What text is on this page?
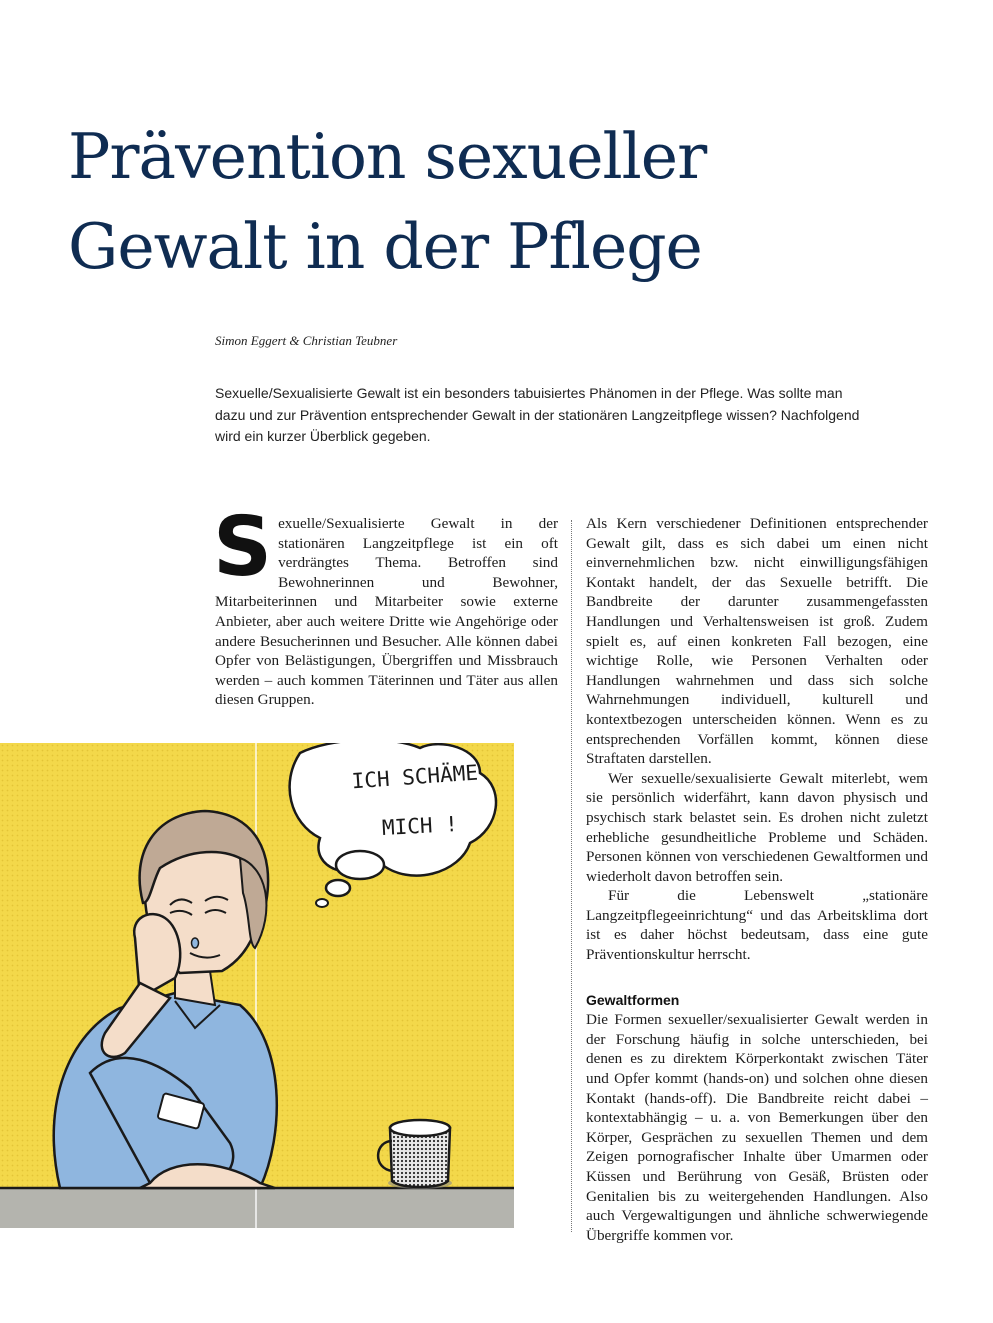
Prävention sexueller
Gewalt in der Pflege
Simon Eggert & Christian Teubner

Sexuelle/Sexualisierte Gewalt ist ein besonders tabuisiertes Phänomen in der Pflege. Was sollte man
dazu und zur Prävention entsprechender Gewalt in der stationären Langzeitpflege wissen? Nachfolgend
wird ein kurzer Überblick gegeben.

S exuelle/Sexualisierte Gewalt in der stationären Langzeitpflege ist ein oft verdrängtes Thema. Betroffen sind Bewohnerinnen und Bewohner, Mitarbeiterinnen und Mitarbeiter sowie externe Anbieter, aber auch weitere Dritte wie Angehörige oder andere Besucherinnen und Besucher. Alle können dabei Opfer von Belästigungen, Übergriffen und Missbrauch werden – auch kommen Täterinnen und Täter aus allen diesen Gruppen.

Als Kern verschiedener Definitionen entsprechender Gewalt gilt, dass es sich dabei um einen nicht einvernehmlichen bzw. nicht einwilligungsfähigen Kontakt handelt, der das Sexuelle betrifft. Die Bandbreite der darunter zusammengefassten Handlungen und Verhaltensweisen ist groß. Zudem spielt es, auf einen konkreten Fall bezogen, eine wichtige Rolle, wie Personen Verhalten oder Handlungen wahrnehmen und dass sich solche Wahrnehmungen individuell, kulturell und kontextbezogen unterscheiden können. Wenn es zu entsprechenden Vorfällen kommt, können diese Straftaten darstellen.

Wer sexuelle/sexualisierte Gewalt miterlebt, wem sie persönlich widerfährt, kann davon physisch und psychisch stark belastet sein. Es drohen nicht zuletzt erhebliche gesundheitliche Probleme und Schäden. Personen können von verschiedenen Gewaltformen und wiederholt davon betroffen sein.

Für die Lebenswelt „stationäre Langzeitpflegeeinrichtung“ und das Arbeitsklima dort ist es daher höchst bedeutsam, dass eine gute Präventionskultur herrscht.

Gewaltformen

Die Formen sexueller/sexualisierter Gewalt werden in der Forschung häufig in solche unterschieden, bei denen es zu direktem Körperkontakt zwischen Täter und Opfer kommt (hands-on) und solchen ohne diesen Kontakt (hands-off). Die Bandbreite reicht dabei – kontextabhängig – u. a. von Bemerkungen über den Körper, Gesprächen zu sexuellen Themen und dem Zeigen pornografischer Inhalte über Umarmen oder Küssen und Berührung von Gesäß, Brüsten oder Genitalien bis zu weitergehenden Handlungen. Also auch Vergewaltigungen und ähnliche schwerwiegende Übergriffe kommen vor.

ICH SCHÄME
MICH !
